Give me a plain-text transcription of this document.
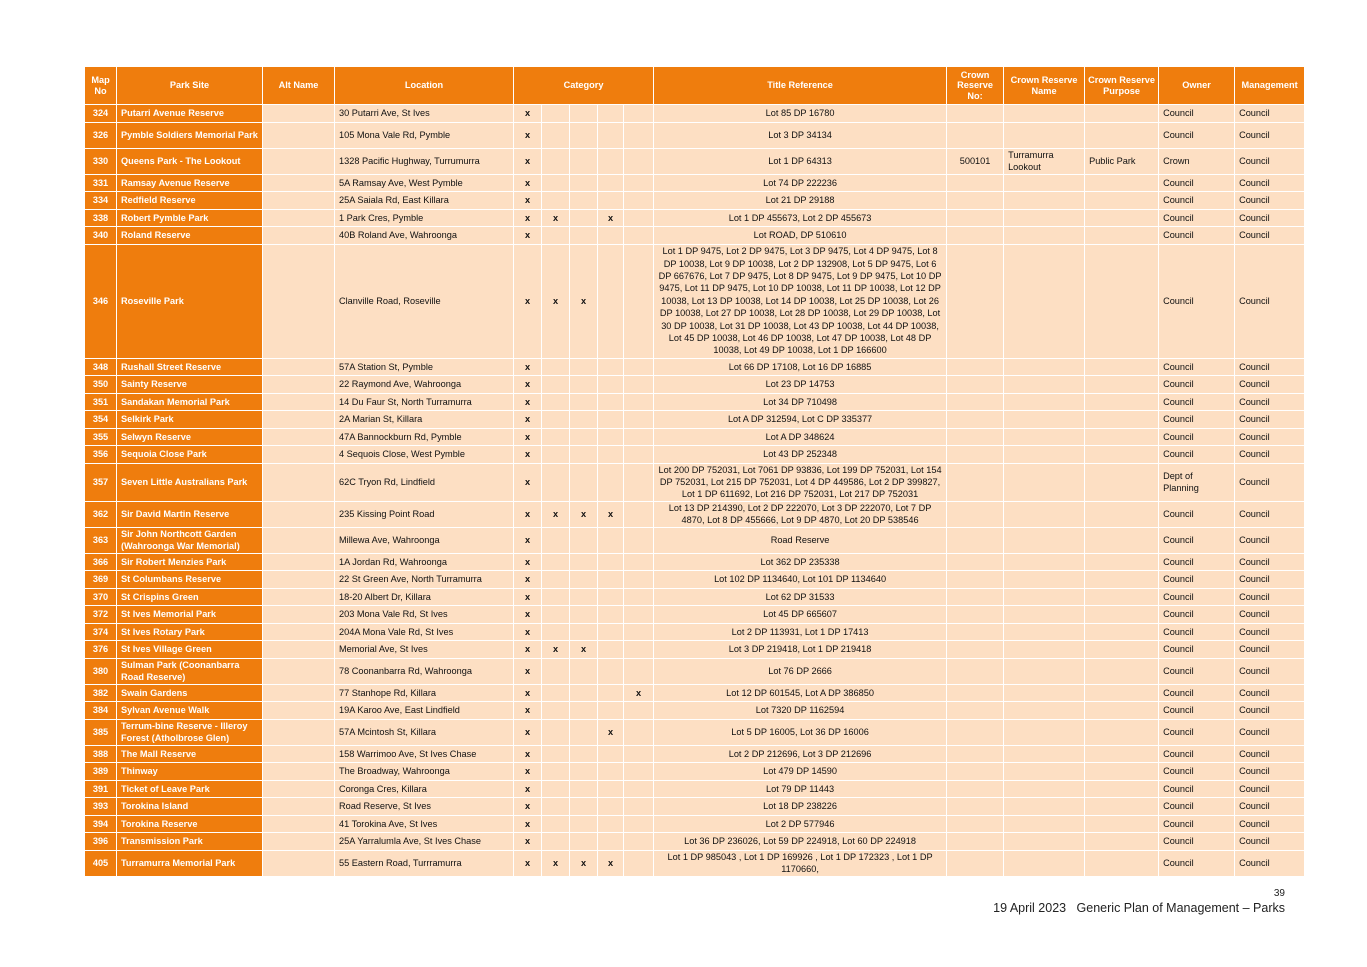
Map No	Park Site	Alt Name	Location	Category					Title Reference	Crown Reserve No:	Crown Reserve Name	Crown Reserve Purpose	Owner	Management
324	Putarri Avenue Reserve		30 Putarri Ave, St Ives	x					Lot 85 DP 16780				Council	Council
326	Pymble Soldiers Memorial Park		105 Mona Vale Rd, Pymble	x					Lot 3 DP 34134				Council	Council
330	Queens Park - The Lookout		1328 Pacific Hughway, Turrumurra	x					Lot 1 DP 64313	500101	Turramurra Lookout	Public Park	Crown	Council
331	Ramsay Avenue Reserve		5A Ramsay Ave, West Pymble	x					Lot 74 DP 222236				Council	Council
334	Redfield Reserve		25A Saiala Rd, East Killara	x					Lot 21 DP 29188				Council	Council
338	Robert Pymble Park		1 Park Cres, Pymble	x	x		x		Lot 1 DP 455673, Lot 2 DP 455673				Council	Council
340	Roland Reserve		40B Roland Ave, Wahroonga	x					Lot ROAD, DP 510610				Council	Council
346	Roseville Park		Clanville Road, Roseville	x	x	x			Lot 1 DP 9475, Lot 2 DP 9475, Lot 3 DP 9475, Lot 4 DP 9475, Lot 8 DP 10038, Lot 9 DP 10038, Lot 2 DP 132908, Lot 5 DP 9475, Lot 6 DP 667676, Lot 7 DP 9475, Lot 8 DP 9475, Lot 9 DP 9475, Lot 10 DP 9475, Lot 11 DP 9475, Lot 10 DP 10038, Lot 11 DP 10038, Lot 12 DP 10038, Lot 13 DP 10038, Lot 14 DP 10038, Lot 25 DP 10038, Lot 26 DP 10038, Lot 27 DP 10038, Lot 28 DP 10038, Lot 29 DP 10038, Lot 30 DP 10038, Lot 31 DP 10038, Lot 43 DP 10038, Lot 44 DP 10038, Lot 45 DP 10038, Lot 46 DP 10038, Lot 47 DP 10038, Lot 48 DP 10038, Lot 49 DP 10038, Lot 1 DP 166600				Council	Council
348	Rushall Street Reserve		57A Station St, Pymble	x					Lot 66 DP 17108, Lot 16 DP 16885				Council	Council
350	Sainty Reserve		22 Raymond Ave, Wahroonga	x					Lot 23 DP 14753				Council	Council
351	Sandakan Memorial Park		14 Du Faur St, North Turramurra	x					Lot 34 DP 710498				Council	Council
354	Selkirk Park		2A Marian St, Killara	x					Lot A DP 312594, Lot C DP 335377				Council	Council
355	Selwyn Reserve		47A Bannockburn Rd, Pymble	x					Lot A DP 348624				Council	Council
356	Sequoia Close Park		4 Sequois Close, West Pymble	x					Lot 43 DP 252348				Council	Council
357	Seven Little Australians Park		62C Tryon Rd, Lindfield	x					Lot 200 DP 752031, Lot 7061 DP 93836, Lot 199 DP 752031, Lot 154 DP 752031, Lot 215 DP 752031, Lot 4 DP 449586, Lot 2 DP 399827, Lot 1 DP 611692, Lot 216 DP 752031, Lot 217 DP 752031				Dept of Planning	Council
362	Sir David Martin Reserve		235 Kissing Point Road	x	x	x	x		Lot 13 DP 214390, Lot 2 DP 222070, Lot 3 DP 222070, Lot 7 DP 4870, Lot 8 DP 455666, Lot 9 DP 4870, Lot 20 DP 538546				Council	Council
363	Sir John Northcott Garden (Wahroonga War Memorial)		Millewa Ave, Wahroonga	x					Road Reserve				Council	Council
366	Sir Robert Menzies Park		1A Jordan Rd, Wahroonga	x					Lot 362 DP 235338				Council	Council
369	St Columbans Reserve		22 St Green Ave, North Turramurra	x					Lot 102 DP 1134640, Lot 101 DP 1134640				Council	Council
370	St Crispins Green		18-20 Albert Dr, Killara	x					Lot 62 DP 31533				Council	Council
372	St Ives Memorial Park		203 Mona Vale Rd, St Ives	x					Lot 45 DP 665607				Council	Council
374	St Ives Rotary Park		204A Mona Vale Rd, St Ives	x					Lot 2 DP 113931, Lot 1 DP 17413				Council	Council
376	St Ives Village Green		Memorial Ave, St Ives	x	x	x			Lot 3 DP 219418, Lot 1 DP 219418				Council	Council
380	Sulman Park (Coonanbarra Road Reserve)		78 Coonanbarra Rd, Wahroonga	x					Lot 76 DP 2666				Council	Council
382	Swain Gardens		77 Stanhope Rd, Killara	x				x	Lot 12 DP 601545, Lot A DP 386850				Council	Council
384	Sylvan Avenue Walk		19A Karoo Ave, East Lindfield	x					Lot 7320 DP 1162594				Council	Council
385	Terrum-bine Reserve - Illeroy Forest (Atholbrose Glen)		57A Mcintosh St, Killara	x			x		Lot 5 DP 16005, Lot 36 DP 16006				Council	Council
388	The Mall Reserve		158 Warrimoo Ave, St Ives Chase	x					Lot 2 DP 212696, Lot 3 DP 212696				Council	Council
389	Thinway		The Broadway, Wahroonga	x					Lot 479 DP 14590				Council	Council
391	Ticket of Leave Park		Coronga Cres, Killara	x					Lot 79 DP 11443				Council	Council
393	Torokina Island		Road Reserve, St Ives	x					Lot 18 DP 238226				Council	Council
394	Torokina Reserve		41 Torokina Ave, St Ives	x					Lot 2 DP 577946				Council	Council
396	Transmission Park		25A Yarralumla Ave, St Ives Chase	x					Lot 36 DP 236026, Lot 59 DP 224918, Lot 60 DP 224918				Council	Council
405	Turramurra Memorial Park		55 Eastern Road, Turrramurra	x	x	x	x		Lot 1 DP 985043 , Lot 1 DP 169926 , Lot 1 DP 172323 , Lot 1 DP 1170660,				Council	Council
39
19 April 2023 Generic Plan of Management – Parks
